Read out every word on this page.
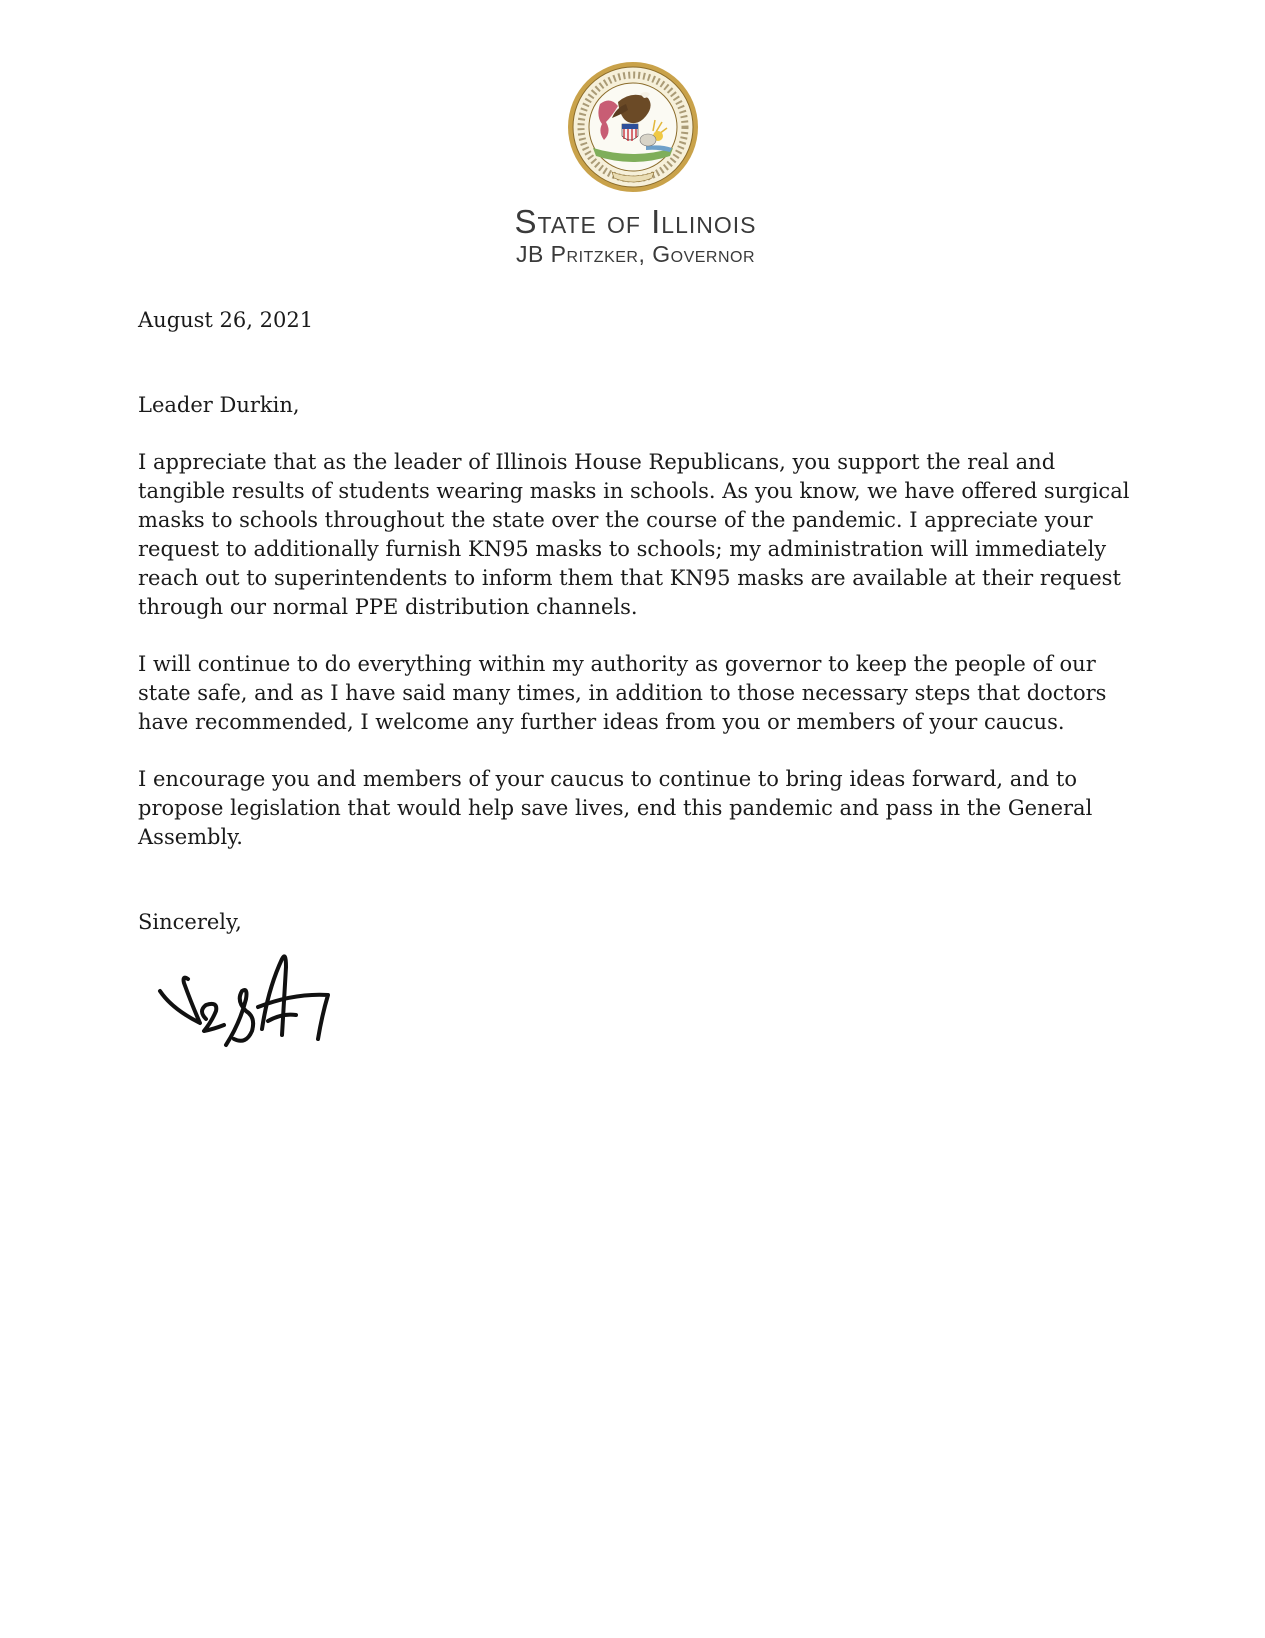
State of Illinois
JB Pritzker, Governor

August 26, 2021

Leader Durkin,

I appreciate that as the leader of Illinois House Republicans, you support the real and tangible results of students wearing masks in schools. As you know, we have offered surgical masks to schools throughout the state over the course of the pandemic. I appreciate your request to additionally furnish KN95 masks to schools; my administration will immediately reach out to superintendents to inform them that KN95 masks are available at their request through our normal PPE distribution channels.

I will continue to do everything within my authority as governor to keep the people of our state safe, and as I have said many times, in addition to those necessary steps that doctors have recommended, I welcome any further ideas from you or members of your caucus.

I encourage you and members of your caucus to continue to bring ideas forward, and to propose legislation that would help save lives, end this pandemic and pass in the General Assembly.

Sincerely,
